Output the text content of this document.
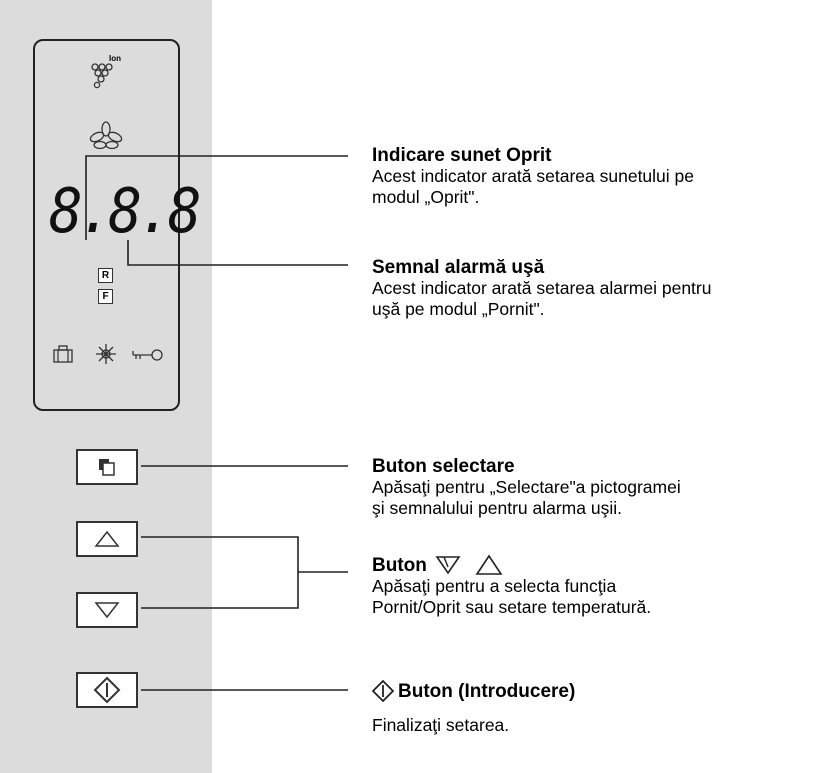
Ion
8.8.8
R
F
Indicare sunet Oprit
Acest indicator arată setarea sunetului pe
modul „Oprit".
Semnal alarmă uşă
Acest indicator arată setarea alarmei pentru
uşă pe modul „Pornit".
Buton selectare
Apăsaţi pentru „Selectare"a pictogramei
şi semnalului pentru alarma uşii.
Buton
Apăsaţi pentru a selecta funcţia
Pornit/Oprit sau setare temperatură.
Buton (Introducere)
Finalizaţi setarea.
